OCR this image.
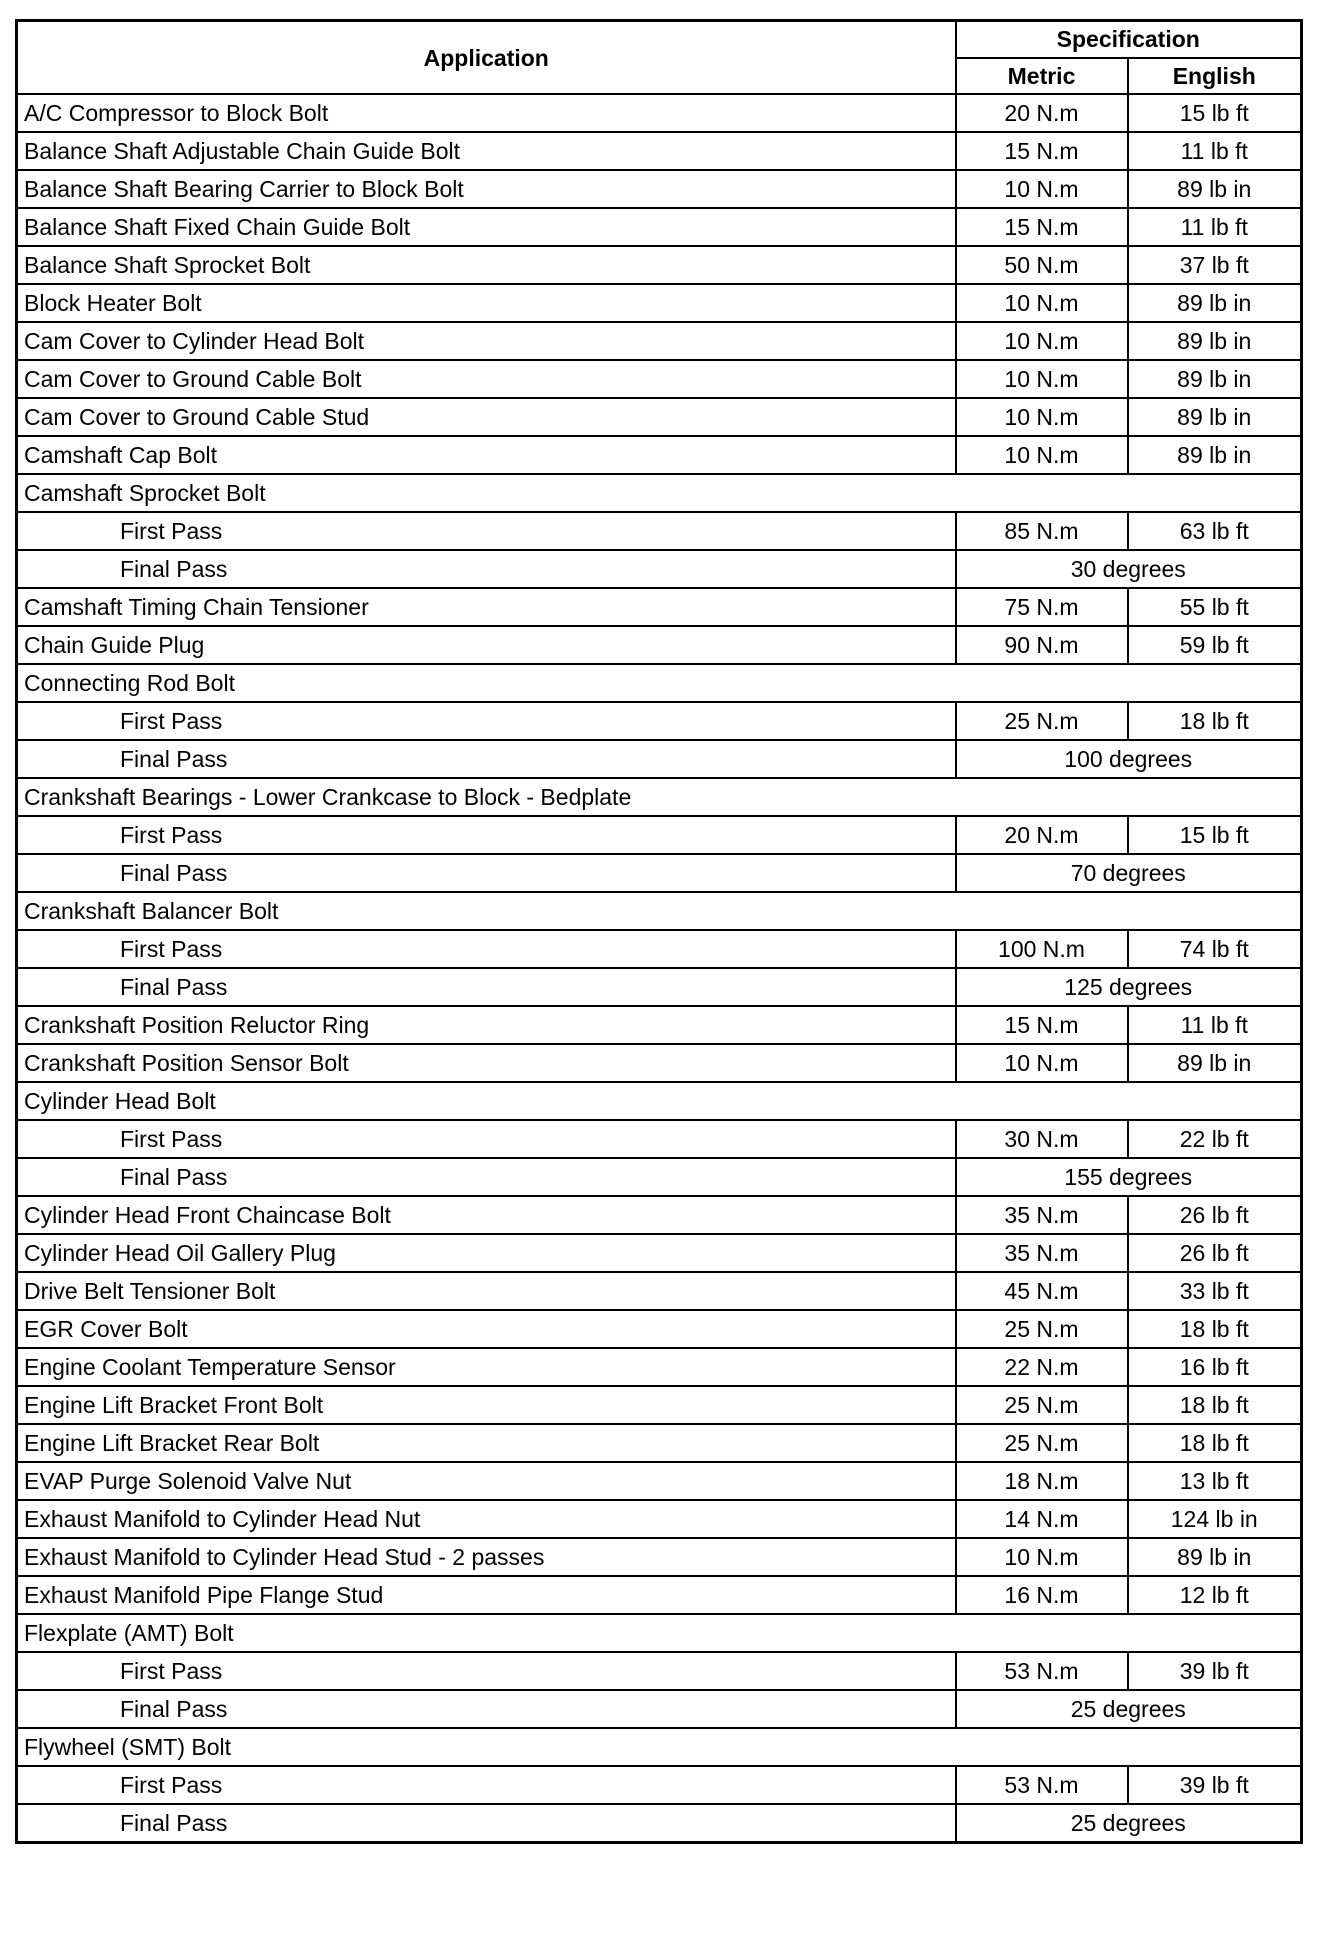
Application	Specification	
	Metric	English
A/C Compressor to Block Bolt	20 N.m	15 lb ft
Balance Shaft Adjustable Chain Guide Bolt	15 N.m	11 lb ft
Balance Shaft Bearing Carrier to Block Bolt	10 N.m	89 lb in
Balance Shaft Fixed Chain Guide Bolt	15 N.m	11 lb ft
Balance Shaft Sprocket Bolt	50 N.m	37 lb ft
Block Heater Bolt	10 N.m	89 lb in
Cam Cover to Cylinder Head Bolt	10 N.m	89 lb in
Cam Cover to Ground Cable Bolt	10 N.m	89 lb in
Cam Cover to Ground Cable Stud	10 N.m	89 lb in
Camshaft Cap Bolt	10 N.m	89 lb in
Camshaft Sprocket Bolt		
First Pass	85 N.m	63 lb ft
Final Pass	30 degrees	
Camshaft Timing Chain Tensioner	75 N.m	55 lb ft
Chain Guide Plug	90 N.m	59 lb ft
Connecting Rod Bolt		
First Pass	25 N.m	18 lb ft
Final Pass	100 degrees	
Crankshaft Bearings - Lower Crankcase to Block - Bedplate		
First Pass	20 N.m	15 lb ft
Final Pass	70 degrees	
Crankshaft Balancer Bolt		
First Pass	100 N.m	74 lb ft
Final Pass	125 degrees	
Crankshaft Position Reluctor Ring	15 N.m	11 lb ft
Crankshaft Position Sensor Bolt	10 N.m	89 lb in
Cylinder Head Bolt		
First Pass	30 N.m	22 lb ft
Final Pass	155 degrees	
Cylinder Head Front Chaincase Bolt	35 N.m	26 lb ft
Cylinder Head Oil Gallery Plug	35 N.m	26 lb ft
Drive Belt Tensioner Bolt	45 N.m	33 lb ft
EGR Cover Bolt	25 N.m	18 lb ft
Engine Coolant Temperature Sensor	22 N.m	16 lb ft
Engine Lift Bracket Front Bolt	25 N.m	18 lb ft
Engine Lift Bracket Rear Bolt	25 N.m	18 lb ft
EVAP Purge Solenoid Valve Nut	18 N.m	13 lb ft
Exhaust Manifold to Cylinder Head Nut	14 N.m	124 lb in
Exhaust Manifold to Cylinder Head Stud - 2 passes	10 N.m	89 lb in
Exhaust Manifold Pipe Flange Stud	16 N.m	12 lb ft
Flexplate (AMT) Bolt		
First Pass	53 N.m	39 lb ft
Final Pass	25 degrees	
Flywheel (SMT) Bolt		
First Pass	53 N.m	39 lb ft
Final Pass	25 degrees	
